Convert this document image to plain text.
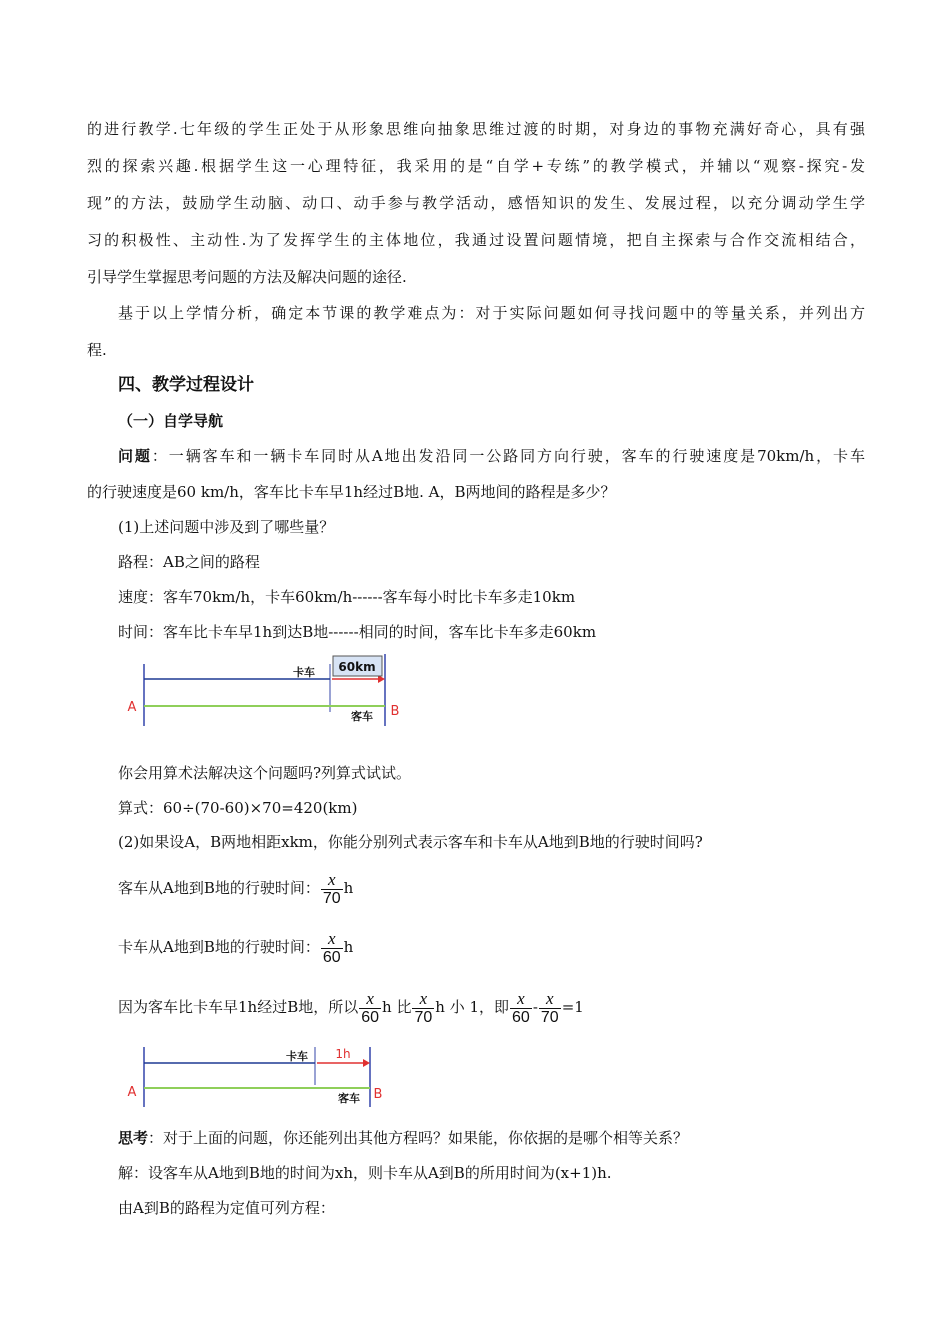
的进行教学.七年级的学生正处于从形象思维向抽象思维过渡的时期，对身边的事物充满好奇心，具有强
烈的探索兴趣.根据学生这一心理特征，我采用的是“自学+专练”的教学模式，并辅以“观察-探究-发
现”的方法，鼓励学生动脑、动口、动手参与教学活动，感悟知识的发生、发展过程，以充分调动学生学
习的积极性、主动性.为了发挥学生的主体地位，我通过设置问题情境，把自主探索与合作交流相结合，
引导学生掌握思考问题的方法及解决问题的途径.
基于以上学情分析，确定本节课的教学难点为：对于实际问题如何寻找问题中的等量关系，并列出方
程.
四、教学过程设计
（一）自学导航
问题：一辆客车和一辆卡车同时从A地出发沿同一公路同方向行驶，客车的行驶速度是70km/h，卡车
的行驶速度是60 km/h，客车比卡车早1h经过B地. A，B两地间的路程是多少？
(1)上述问题中涉及到了哪些量？
路程：AB之间的路程
速度：客车70km/h，卡车60km/h------客车每小时比卡车多走10km
时间：客车比卡车早1h到达B地------相同的时间，客车比卡车多走60km
60km
卡车
客车
A	B
你会用算术法解决这个问题吗?列算式试试。
算式：60÷(70-60)×70=420(km)
(2)如果设A，B两地相距xkm，你能分别列式表示客车和卡车从A地到B地的行驶时间吗?
客车从A地到B地的行驶时间： $\frac{x}{70}$ h
卡车从A地到B地的行驶时间： $\frac{x}{60}$ h
因为客车比卡车早1h经过B地，所以 $\frac{x}{60}$ h 比 $\frac{x}{70}$ h 小 1，即 $\frac{x}{60} - \frac{x}{70} =1$
1h
卡车
客车
A	B
思考：对于上面的问题，你还能列出其他方程吗？如果能，你依据的是哪个相等关系？
解：设客车从A地到B地的时间为xh，则卡车从A到B的所用时间为(x+1)h.
由A到B的路程为定值可列方程：
